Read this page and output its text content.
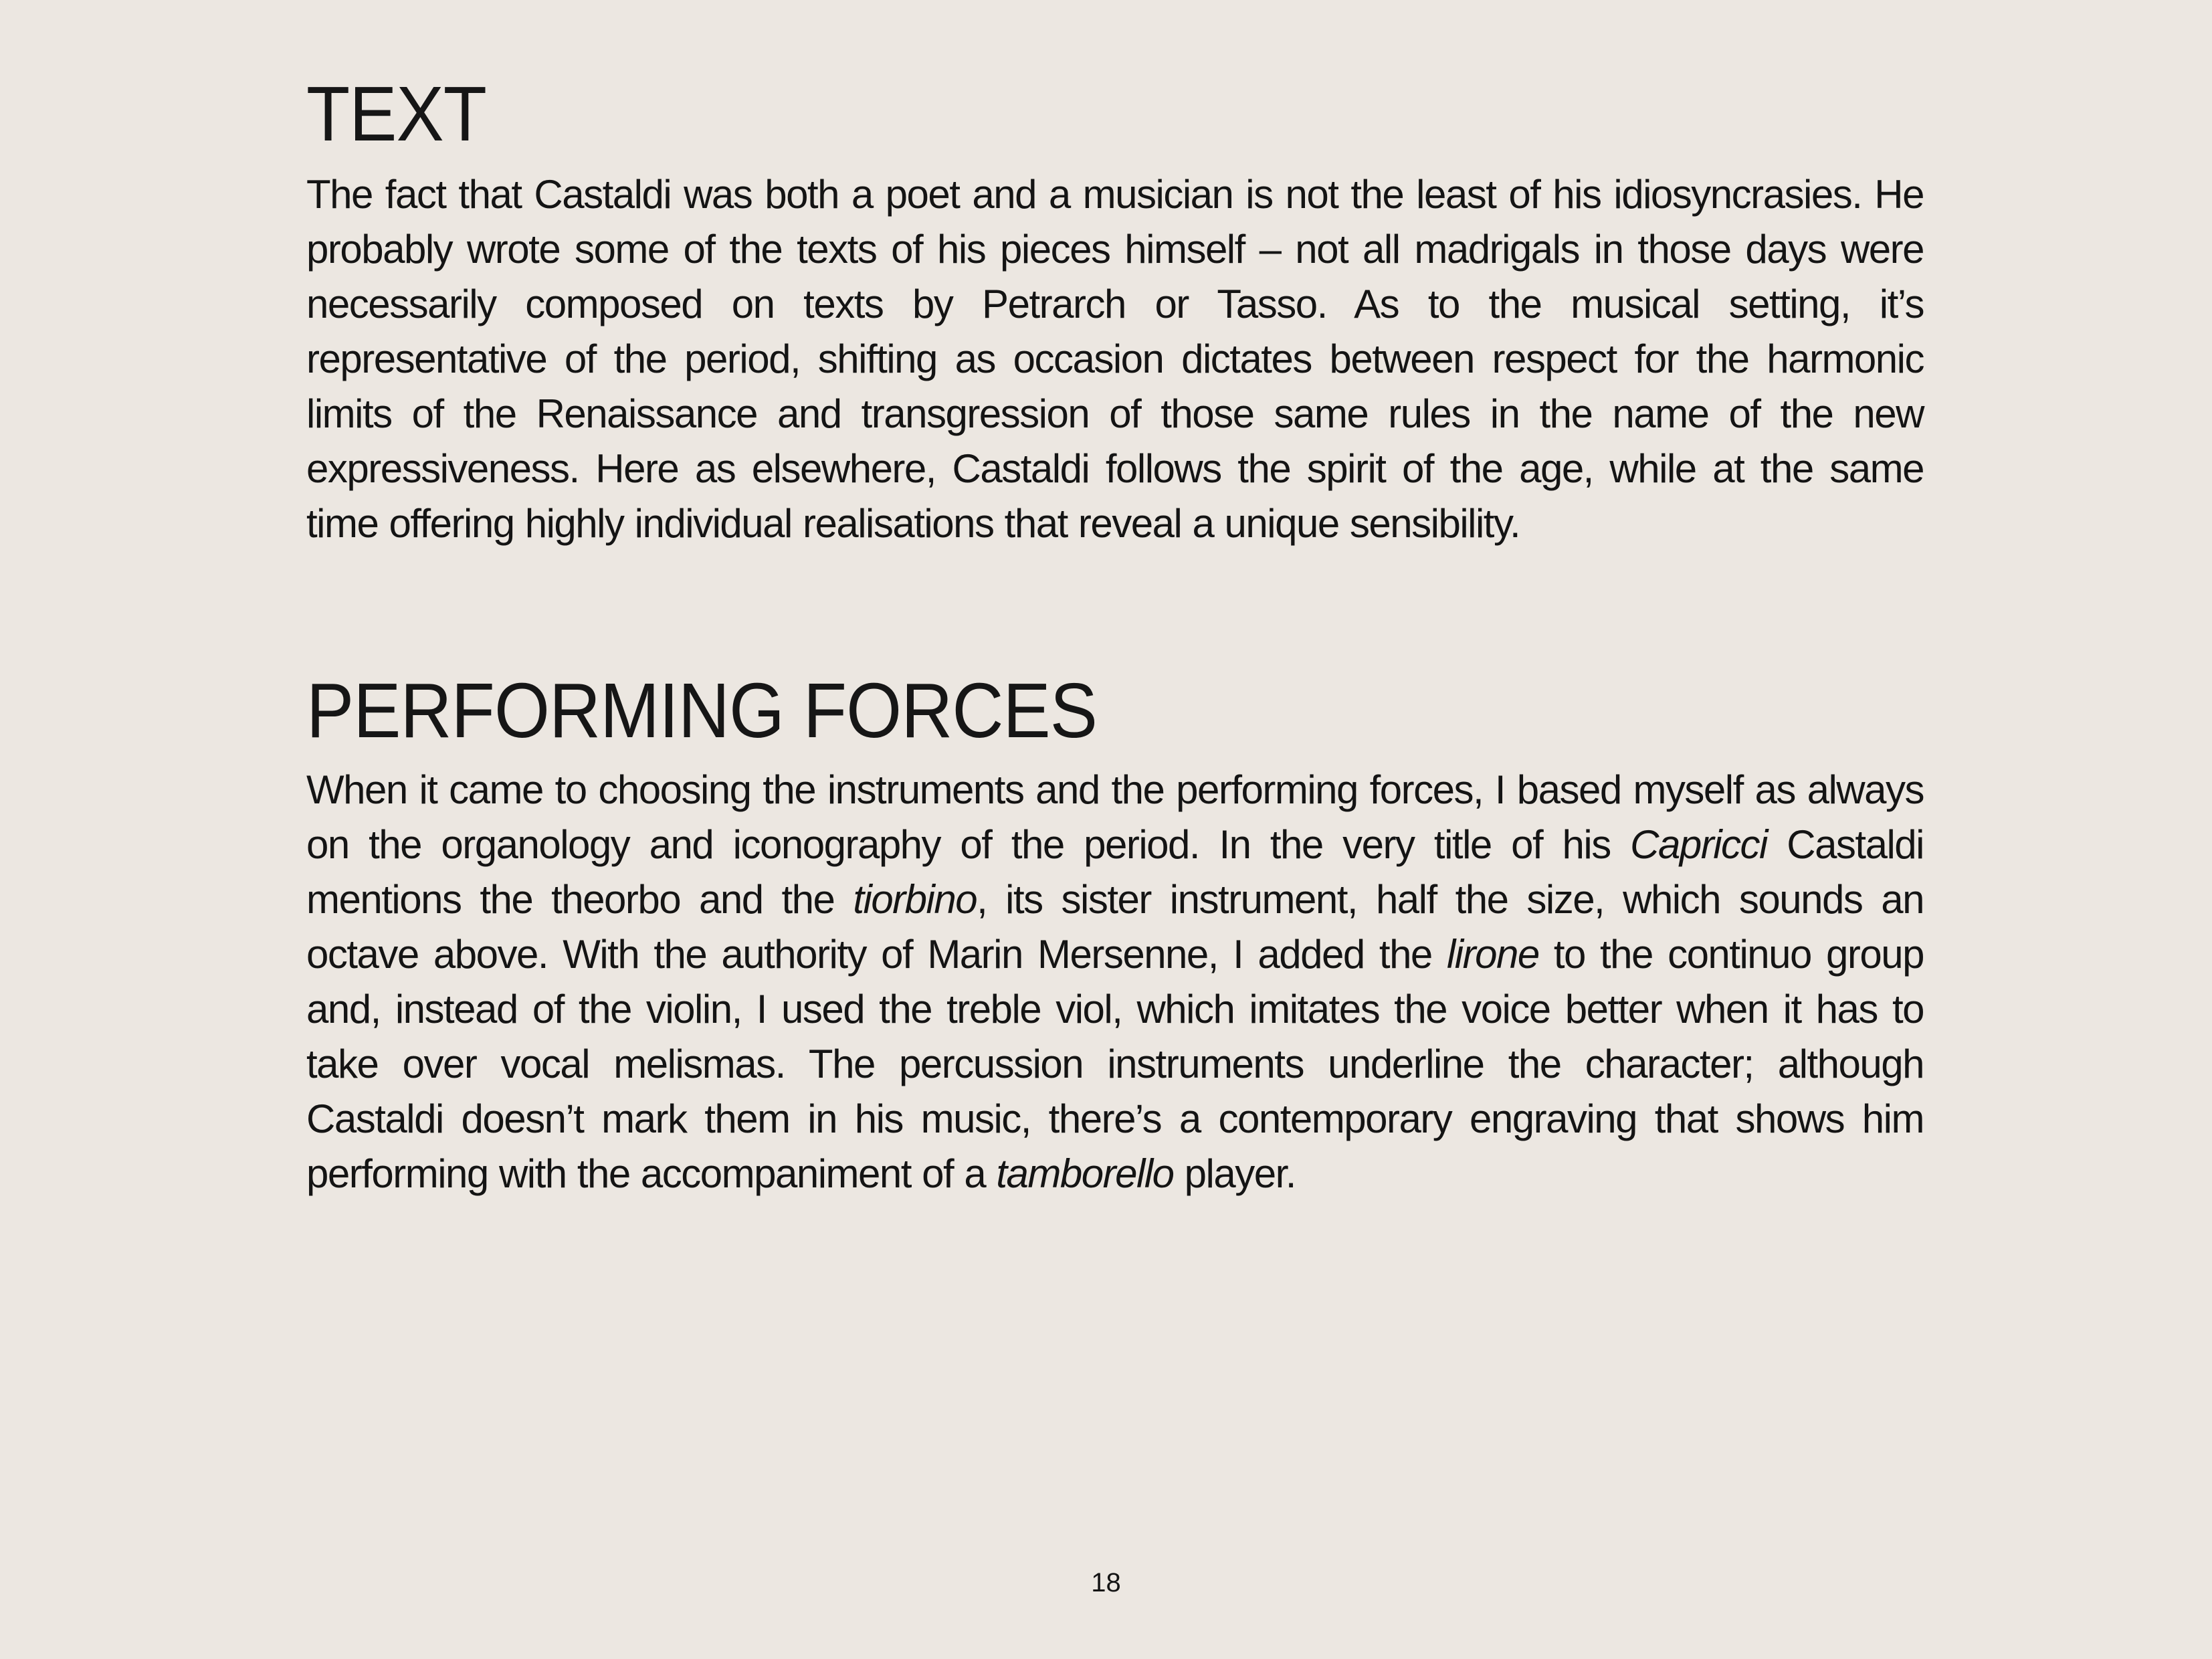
TEXT

The fact that Castaldi was both a poet and a musician is not the least of his idiosyncrasies. He probably wrote some of the texts of his pieces himself – not all madrigals in those days were necessarily composed on texts by Petrarch or Tasso. As to the musical setting, it’s representative of the period, shifting as occasion dictates between respect for the harmonic limits of the Renaissance and transgression of those same rules in the name of the new expressiveness. Here as elsewhere, Castaldi follows the spirit of the age, while at the same time offering highly individual realisations that reveal a unique sensibility.

PERFORMING FORCES

When it came to choosing the instruments and the performing forces, I based myself as always on the organology and iconography of the period. In the very title of his Capricci Castaldi mentions the theorbo and the tiorbino, its sister instrument, half the size, which sounds an octave above. With the authority of Marin Mersenne, I added the lirone to the continuo group and, instead of the violin, I used the treble viol, which imitates the voice better when it has to take over vocal melismas. The percussion instruments underline the character; although Castaldi doesn’t mark them in his music, there’s a contemporary engraving that shows him performing with the accompaniment of a tamborello player.

18
